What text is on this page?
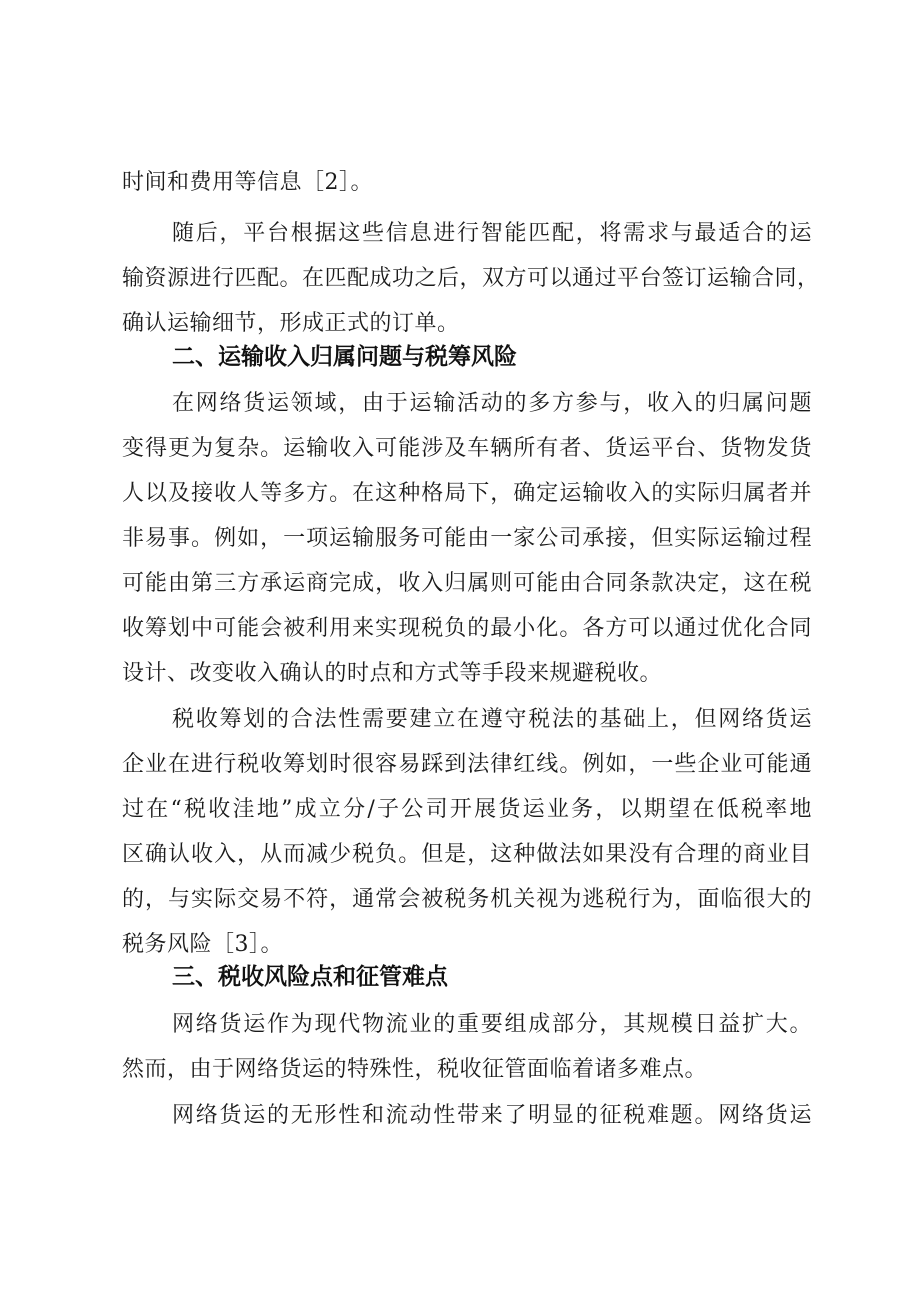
时间和费用等信息［2］。
随后，平台根据这些信息进行智能匹配，将需求与最适合的运
输资源进行匹配。在匹配成功之后，双方可以通过平台签订运输合同，
确认运输细节，形成正式的订单。
二、运输收入归属问题与税筹风险
在网络货运领域，由于运输活动的多方参与，收入的归属问题
变得更为复杂。运输收入可能涉及车辆所有者、货运平台、货物发货
人以及接收人等多方。在这种格局下，确定运输收入的实际归属者并
非易事。例如，一项运输服务可能由一家公司承接，但实际运输过程
可能由第三方承运商完成，收入归属则可能由合同条款决定，这在税
收筹划中可能会被利用来实现税负的最小化。各方可以通过优化合同
设计、改变收入确认的时点和方式等手段来规避税收。
税收筹划的合法性需要建立在遵守税法的基础上，但网络货运
企业在进行税收筹划时很容易踩到法律红线。例如，一些企业可能通
过在“税收洼地”成立分/子公司开展货运业务，以期望在低税率地
区确认收入，从而减少税负。但是，这种做法如果没有合理的商业目
的，与实际交易不符，通常会被税务机关视为逃税行为，面临很大的
税务风险［3］。
三、税收风险点和征管难点
网络货运作为现代物流业的重要组成部分，其规模日益扩大。
然而，由于网络货运的特殊性，税收征管面临着诸多难点。
网络货运的无形性和流动性带来了明显的征税难题。网络货运
